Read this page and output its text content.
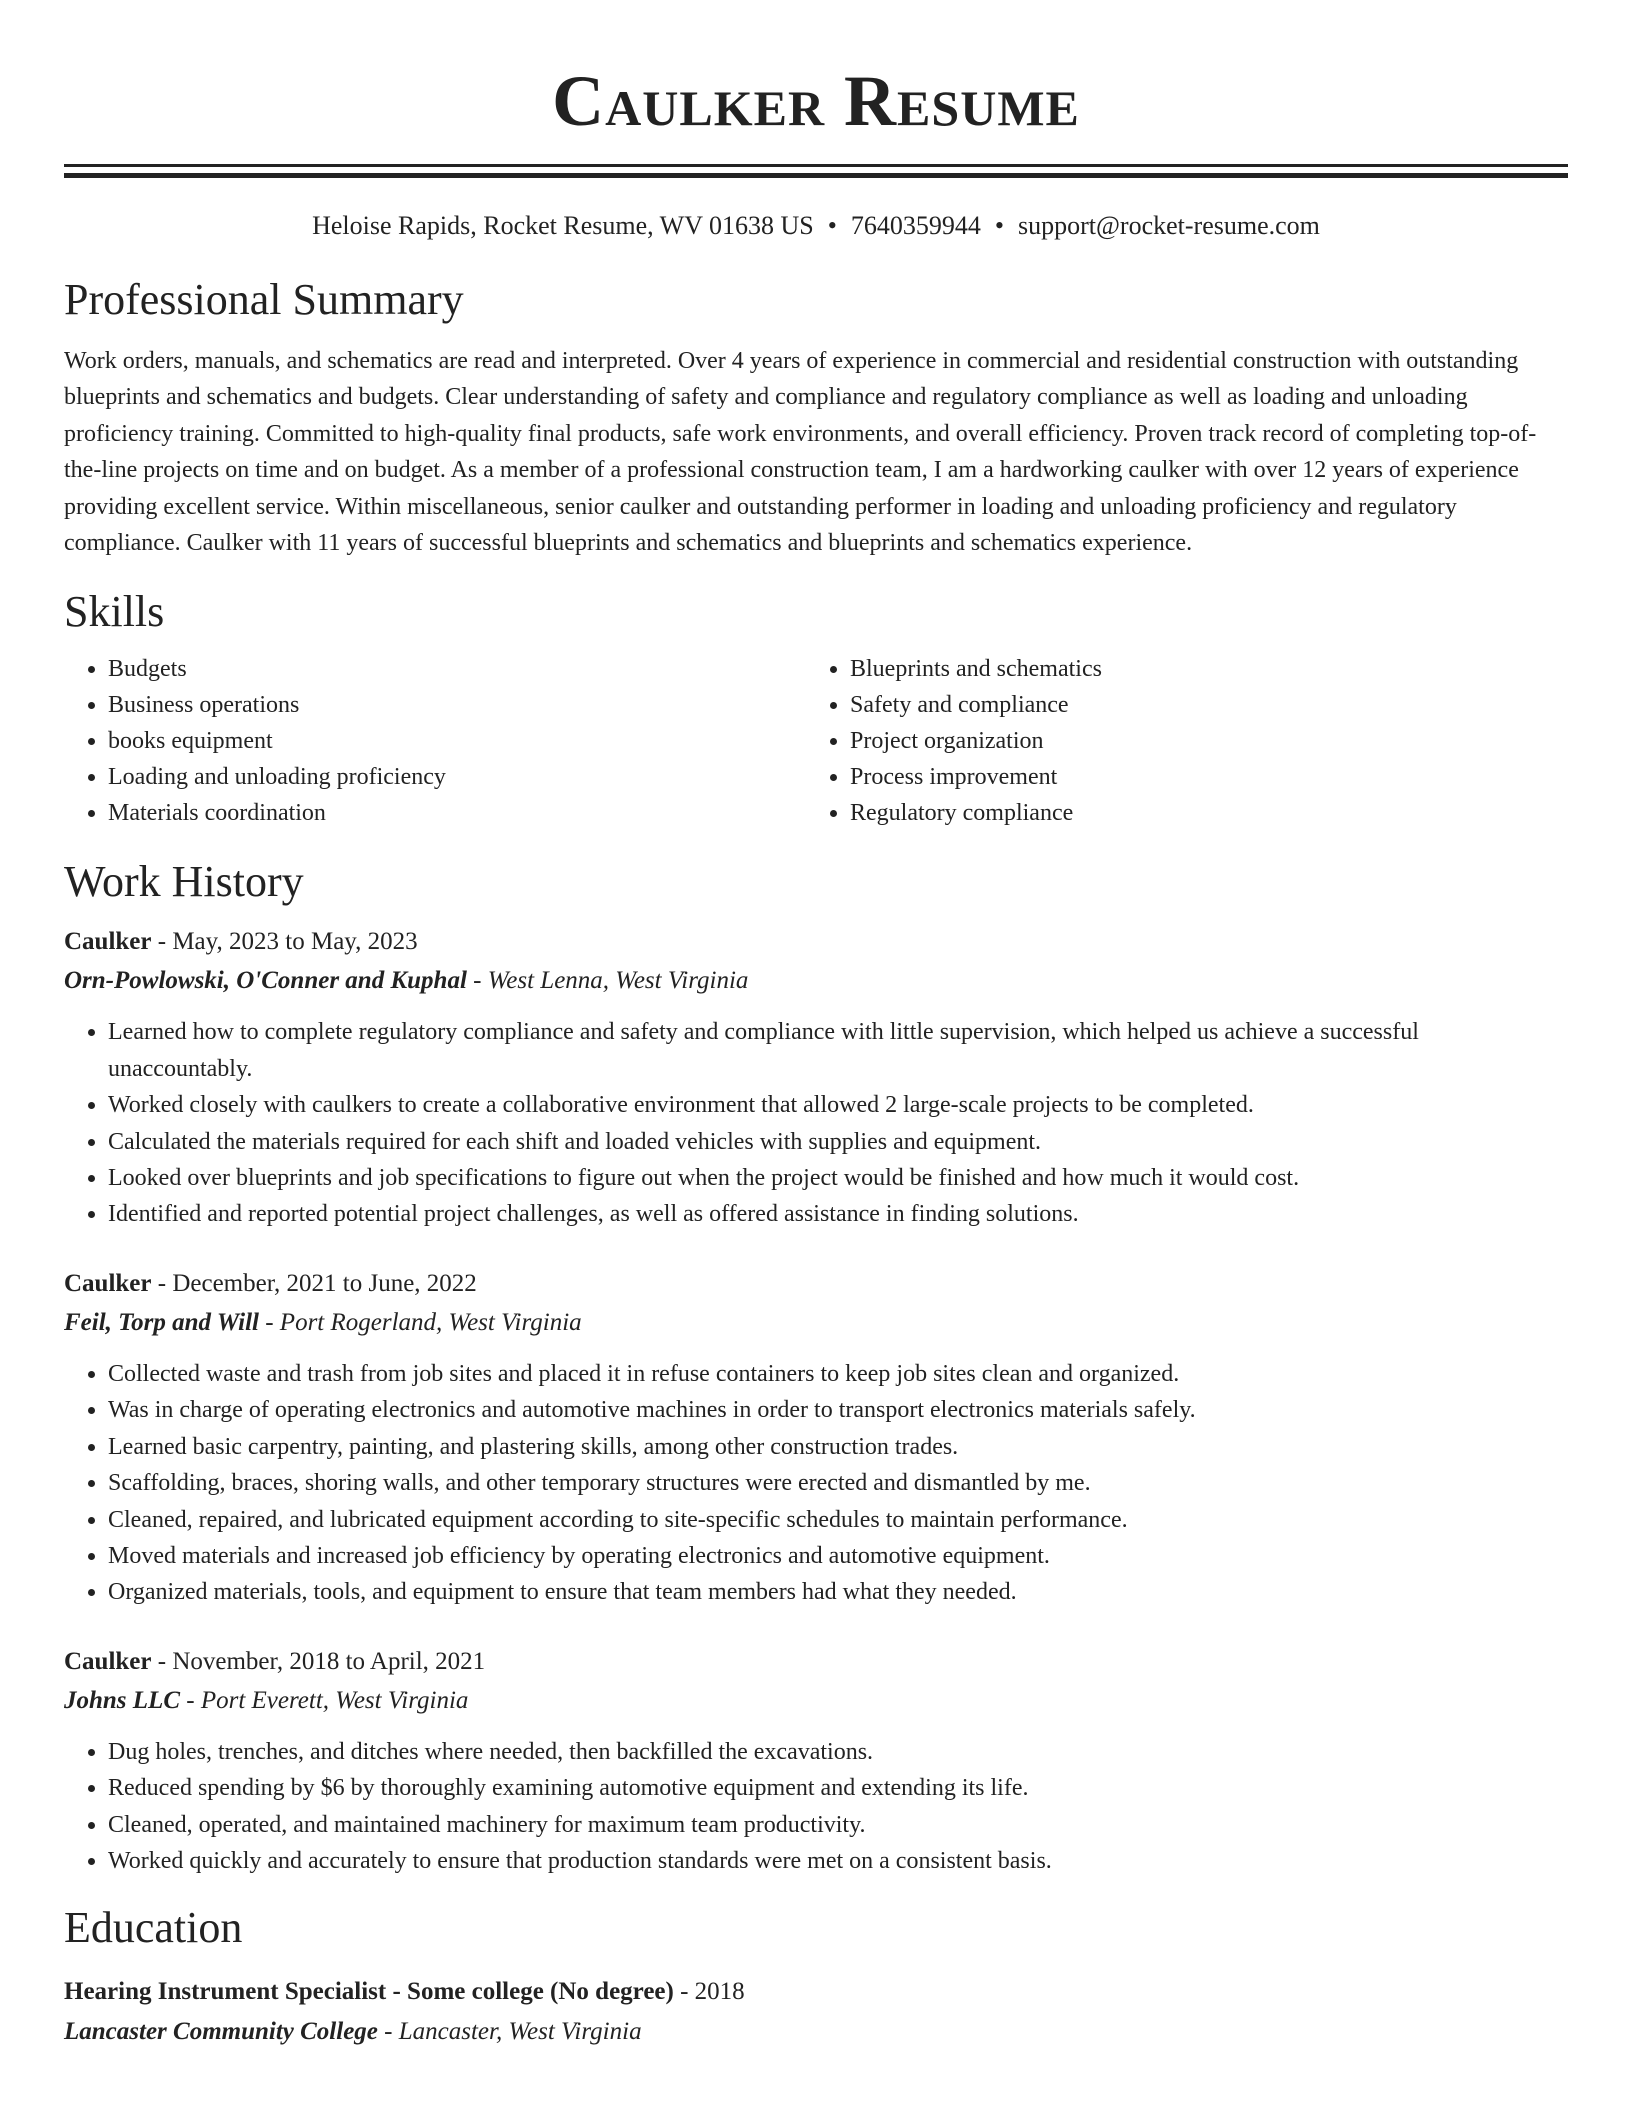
Caulker Resume
Heloise Rapids, Rocket Resume, WV 01638 US • 7640359944 • support@rocket-resume.com
Professional Summary

Work orders, manuals, and schematics are read and interpreted. Over 4 years of experience in commercial and residential construction with outstanding blueprints and schematics and budgets. Clear understanding of safety and compliance and regulatory compliance as well as loading and unloading proficiency training. Committed to high-quality final products, safe work environments, and overall efficiency. Proven track record of completing top-of-the-line projects on time and on budget. As a member of a professional construction team, I am a hardworking caulker with over 12 years of experience providing excellent service. Within miscellaneous, senior caulker and outstanding performer in loading and unloading proficiency and regulatory compliance. Caulker with 11 years of successful blueprints and schematics and blueprints and schematics experience.

Skills
• Budgets
• Business operations
• books equipment
• Loading and unloading proficiency
• Materials coordination
• Blueprints and schematics
• Safety and compliance
• Project organization
• Process improvement
• Regulatory compliance
Work History

Caulker - May, 2023 to May, 2023

Orn-Powlowski, O'Conner and Kuphal - West Lenna, West Virginia

• Learned how to complete regulatory compliance and safety and compliance with little supervision, which helped us achieve a successful unaccountably.
• Worked closely with caulkers to create a collaborative environment that allowed 2 large-scale projects to be completed.
• Calculated the materials required for each shift and loaded vehicles with supplies and equipment.
• Looked over blueprints and job specifications to figure out when the project would be finished and how much it would cost.
• Identified and reported potential project challenges, as well as offered assistance in finding solutions.

Caulker - December, 2021 to June, 2022

Feil, Torp and Will - Port Rogerland, West Virginia

• Collected waste and trash from job sites and placed it in refuse containers to keep job sites clean and organized.
• Was in charge of operating electronics and automotive machines in order to transport electronics materials safely.
• Learned basic carpentry, painting, and plastering skills, among other construction trades.
• Scaffolding, braces, shoring walls, and other temporary structures were erected and dismantled by me.
• Cleaned, repaired, and lubricated equipment according to site-specific schedules to maintain performance.
• Moved materials and increased job efficiency by operating electronics and automotive equipment.
• Organized materials, tools, and equipment to ensure that team members had what they needed.

Caulker - November, 2018 to April, 2021

Johns LLC - Port Everett, West Virginia

• Dug holes, trenches, and ditches where needed, then backfilled the excavations.
• Reduced spending by $6 by thoroughly examining automotive equipment and extending its life.
• Cleaned, operated, and maintained machinery for maximum team productivity.
• Worked quickly and accurately to ensure that production standards were met on a consistent basis.
Education

Hearing Instrument Specialist - Some college (No degree) - 2018

Lancaster Community College - Lancaster, West Virginia
